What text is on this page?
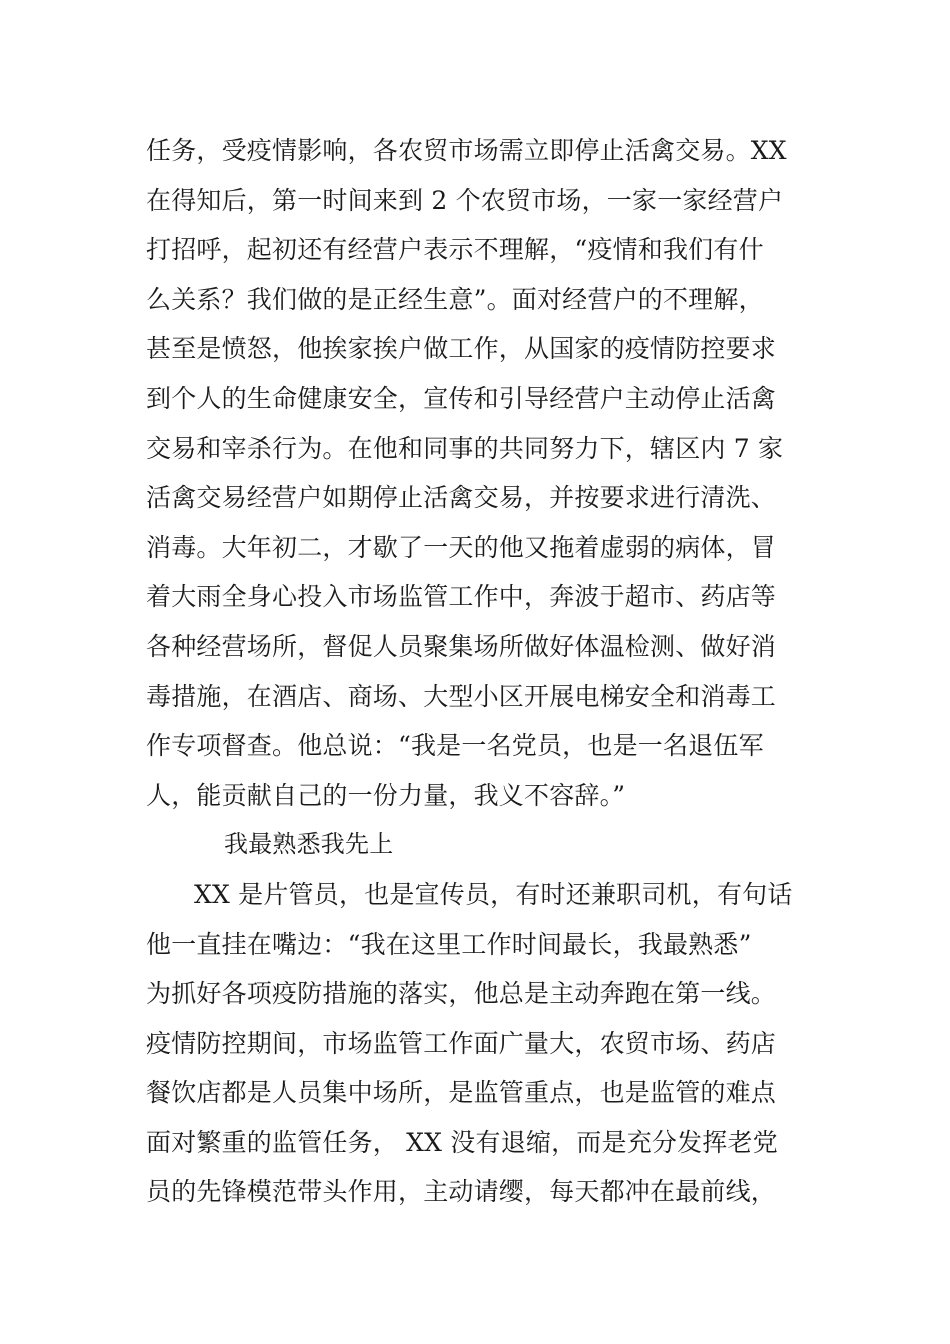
任务，受疫情影响，各农贸市场需立即停止活禽交易。XX
在得知后，第一时间来到 2 个农贸市场，一家一家经营户
打招呼，起初还有经营户表示不理解，“疫情和我们有什
么关系？我们做的是正经生意”。面对经营户的不理解，
甚至是愤怒，他挨家挨户做工作，从国家的疫情防控要求
到个人的生命健康安全，宣传和引导经营户主动停止活禽
交易和宰杀行为。在他和同事的共同努力下，辖区内 7 家
活禽交易经营户如期停止活禽交易，并按要求进行清洗、
消毒。大年初二，才歇了一天的他又拖着虚弱的病体，冒
着大雨全身心投入市场监管工作中，奔波于超市、药店等
各种经营场所，督促人员聚集场所做好体温检测、做好消
毒措施，在酒店、商场、大型小区开展电梯安全和消毒工
作专项督查。他总说：“我是一名党员，也是一名退伍军
人，能贡献自己的一份力量，我义不容辞。”
我最熟悉我先上
XX 是片管员，也是宣传员，有时还兼职司机，有句话
他一直挂在嘴边：“我在这里工作时间最长，我最熟悉”
为抓好各项疫防措施的落实，他总是主动奔跑在第一线。
疫情防控期间，市场监管工作面广量大，农贸市场、药店
餐饮店都是人员集中场所，是监管重点，也是监管的难点
面对繁重的监管任务， XX 没有退缩，而是充分发挥老党
员的先锋模范带头作用，主动请缨，每天都冲在最前线，
